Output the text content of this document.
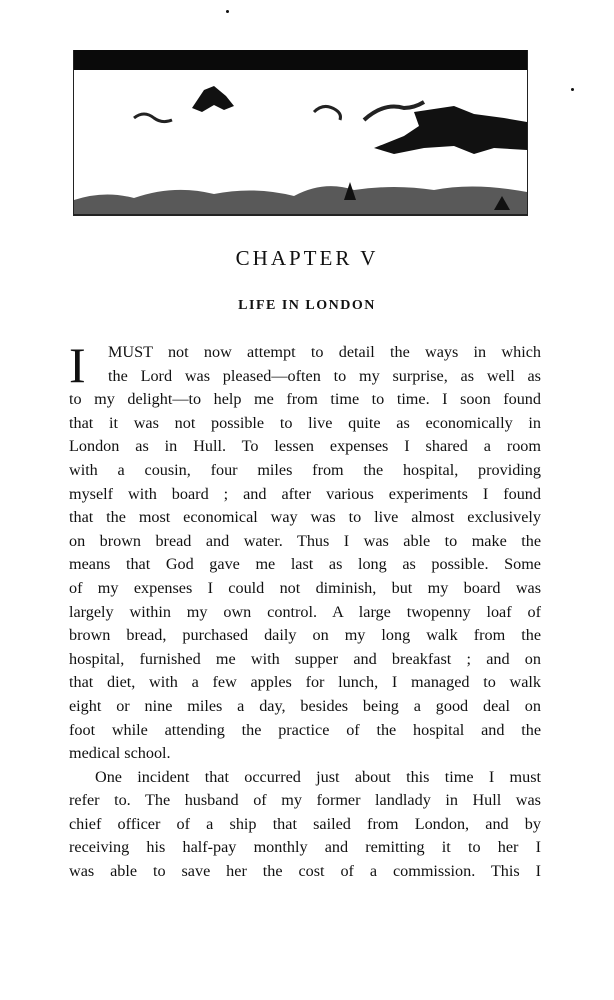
CHAPTER V
LIFE IN LONDON
I	MUST not now attempt to detail the ways in which
the Lord was pleased—often to my surprise, as well as
to my delight—to help me from time to time. I soon found
that it was not possible to live quite as economically in
London as in Hull. To lessen expenses I shared a room
with a cousin, four miles from the hospital, providing
myself with board ; and after various experiments I found
that the most economical way was to live almost exclusively
on brown bread and water. Thus I was able to make the
means that God gave me last as long as possible. Some
of my expenses I could not diminish, but my board was
largely within my own control. A large twopenny loaf of
brown bread, purchased daily on my long walk from the
hospital, furnished me with supper and breakfast ; and on
that diet, with a few apples for lunch, I managed to walk
eight or nine miles a day, besides being a good deal on
foot while attending the practice of the hospital and the
medical school.
One incident that occurred just about this time I must
refer to. The husband of my former landlady in Hull was
chief officer of a ship that sailed from London, and by
receiving his half-pay monthly and remitting it to her I
was able to save her the cost of a commission. This I
